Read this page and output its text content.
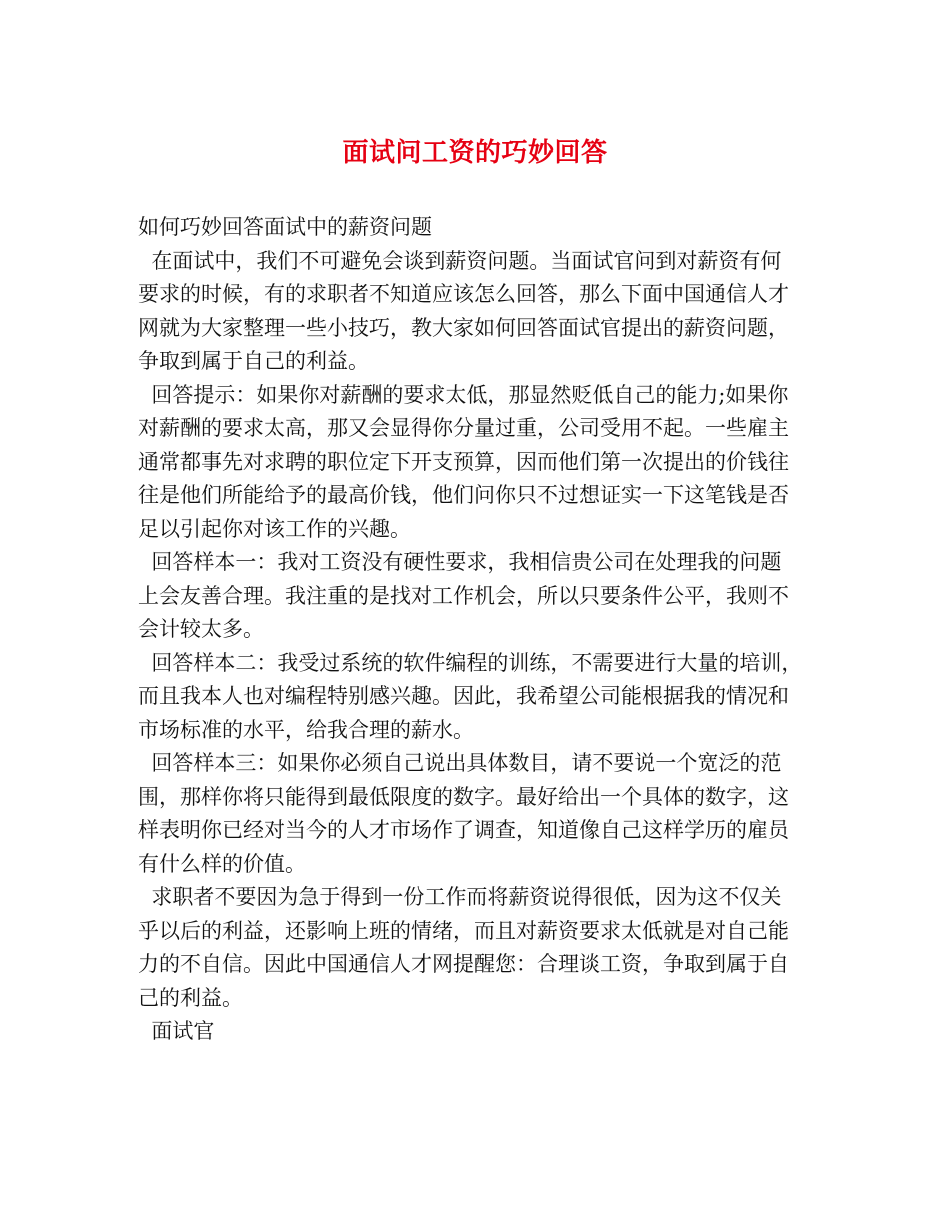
面试问工资的巧妙回答

如何巧妙回答面试中的薪资问题

在面试中，我们不可避免会谈到薪资问题。当面试官问到对薪资有何

要求的时候，有的求职者不知道应该怎么回答，那么下面中国通信人才

网就为大家整理一些小技巧，教大家如何回答面试官提出的薪资问题，

争取到属于自己的利益。

回答提示：如果你对薪酬的要求太低，那显然贬低自己的能力;如果你

对薪酬的要求太高，那又会显得你分量过重，公司受用不起。一些雇主

通常都事先对求聘的职位定下开支预算，因而他们第一次提出的价钱往

往是他们所能给予的最高价钱，他们问你只不过想证实一下这笔钱是否

足以引起你对该工作的兴趣。

回答样本一：我对工资没有硬性要求，我相信贵公司在处理我的问题

上会友善合理。我注重的是找对工作机会，所以只要条件公平，我则不

会计较太多。

回答样本二：我受过系统的软件编程的训练，不需要进行大量的培训，

而且我本人也对编程特别感兴趣。因此，我希望公司能根据我的情况和

市场标准的水平，给我合理的薪水。

回答样本三：如果你必须自己说出具体数目，请不要说一个宽泛的范

围，那样你将只能得到最低限度的数字。最好给出一个具体的数字，这

样表明你已经对当今的人才市场作了调查，知道像自己这样学历的雇员

有什么样的价值。

求职者不要因为急于得到一份工作而将薪资说得很低，因为这不仅关

乎以后的利益，还影响上班的情绪，而且对薪资要求太低就是对自己能

力的不自信。因此中国通信人才网提醒您：合理谈工资，争取到属于自

己的利益。

面试官
